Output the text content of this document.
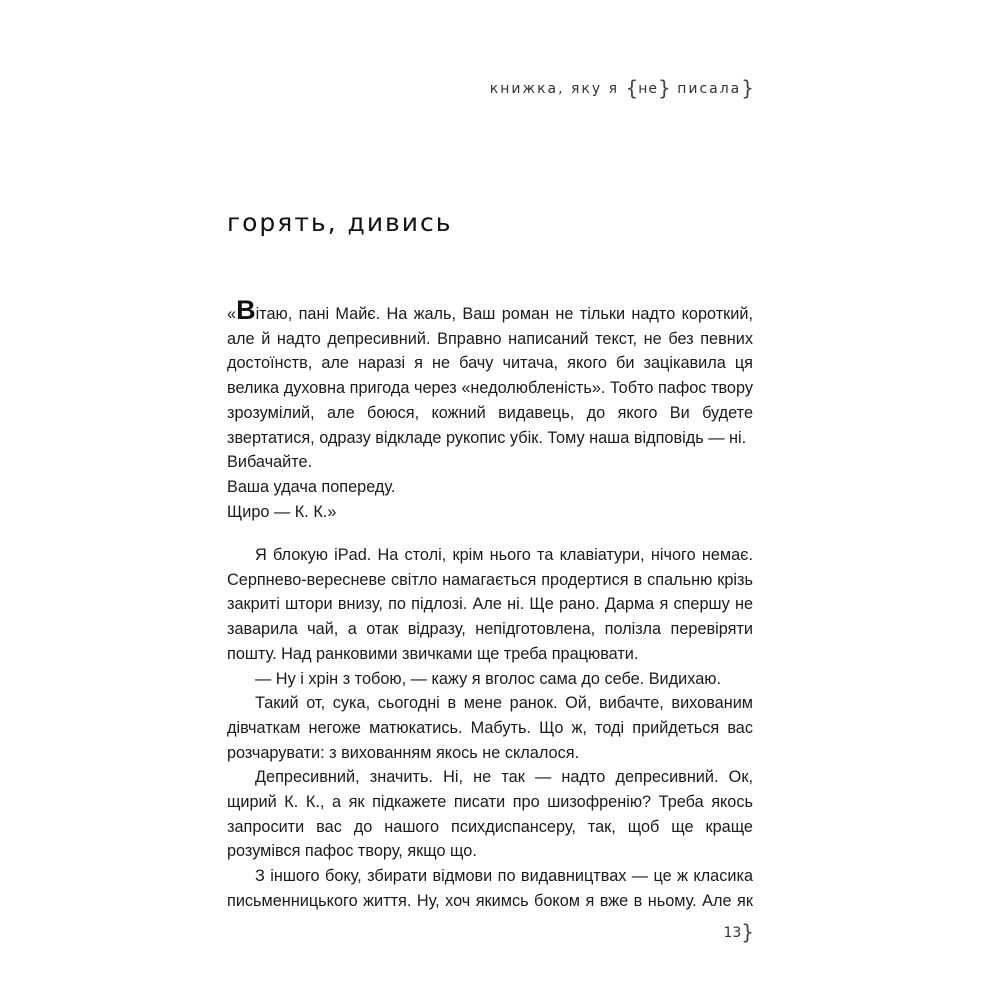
книжка, яку я {не} писала}
горять, дивись

«Вітаю, пані Майє. На жаль, Ваш роман не тільки надто короткий, але й надто депресивний. Вправно написаний текст, не без певних достоїнств, але наразі я не бачу читача, якого би зацікавила ця велика духовна пригода через «недолюбленість». Тобто пафос твору зрозумілий, але боюся, кожний видавець, до якого Ви будете звертатися, одразу відкладе рукопис убік. Тому наша відповідь — ні.

Вибачайте.

Ваша удача попереду.

Щиро — К. К.»

Я блокую iPad. На столі, крім нього та клавіатури, нічого немає. Серпнево-вересневе світло намагається продертися в спальню крізь закриті штори внизу, по підлозі. Але ні. Ще рано. Дарма я спершу не заварила чай, а отак відразу, непідготовлена, полізла перевіряти пошту. Над ранковими звичками ще треба працювати.

— Ну і хрін з тобою, — кажу я вголос сама до себе. Видихаю.

Такий от, сука, сьогодні в мене ранок. Ой, вибачте, вихованим дівчаткам негоже матюкатись. Мабуть. Що ж, тоді прийдеться вас розчарувати: з вихованням якось не склалося.

Депресивний, значить. Ні, не так — надто депресивний. Ок, щирий К. К., а як підкажете писати про шизофренію? Треба якось запросити вас до нашого психдиспансеру, так, щоб ще краще розумівся пафос твору, якщо що.

З іншого боку, збирати відмови по видавництвах — це ж класика письменницького життя. Ну, хоч якимсь боком я вже в ньому. Але як

13}
